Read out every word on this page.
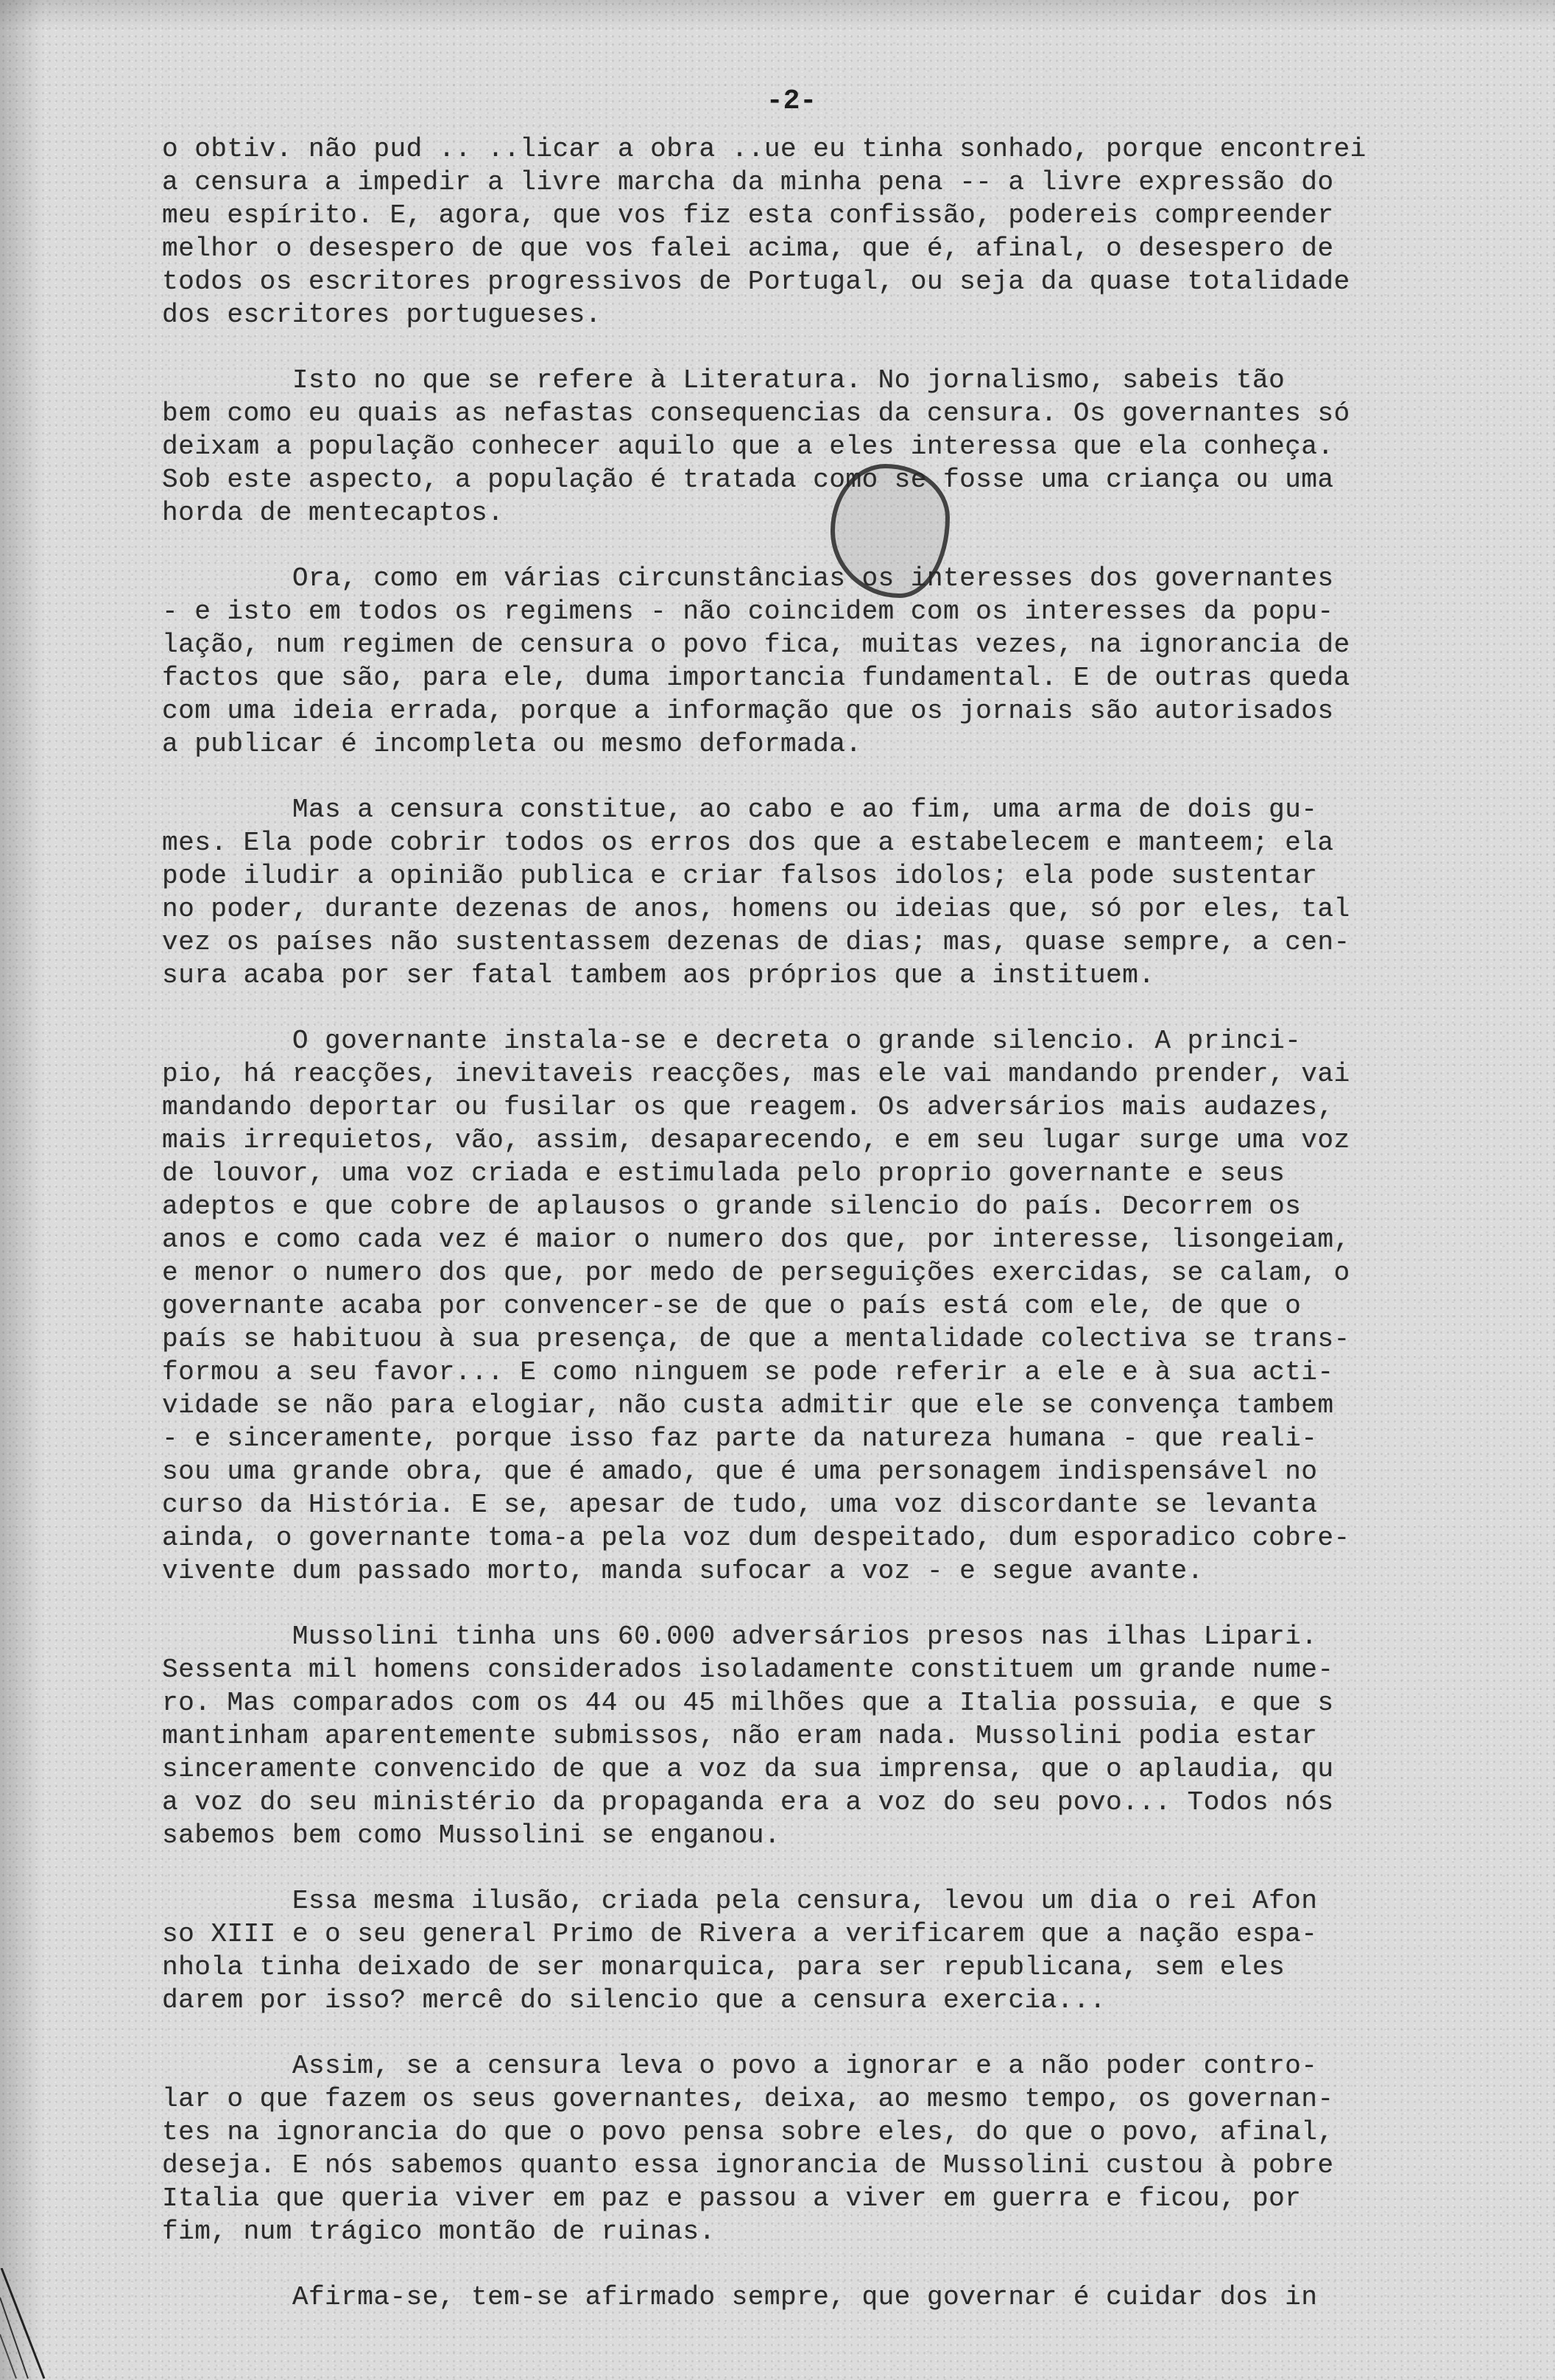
-2-
o obtiv. não pud .. ..licar a obra ..ue eu tinha sonhado, porque encontrei
a censura a impedir a livre marcha da minha pena -- a livre expressão do
meu espírito. E, agora, que vos fiz esta confissão, podereis compreender
melhor o desespero de que vos falei acima, que é, afinal, o desespero de
todos os escritores progressivos de Portugal, ou seja da quase totalidade
dos escritores portugueses.
Isto no que se refere à Literatura. No jornalismo, sabeis tão
bem como eu quais as nefastas consequencias da censura. Os governantes só
deixam a população conhecer aquilo que a eles interessa que ela conheça.
Sob este aspecto, a população é tratada como se fosse uma criança ou uma
horda de mentecaptos.
Ora, como em várias circunstâncias os interesses dos governantes
- e isto em todos os regimens - não coincidem com os interesses da popu-
lação, num regimen de censura o povo fica, muitas vezes, na ignorancia de
factos que são, para ele, duma importancia fundamental. E de outras queda
com uma ideia errada, porque a informação que os jornais são autorisados
a publicar é incompleta ou mesmo deformada.
Mas a censura constitue, ao cabo e ao fim, uma arma de dois gu-
mes. Ela pode cobrir todos os erros dos que a estabelecem e manteem; ela
pode iludir a opinião publica e criar falsos idolos; ela pode sustentar
no poder, durante dezenas de anos, homens ou ideias que, só por eles, tal
vez os países não sustentassem dezenas de dias; mas, quase sempre, a cen-
sura acaba por ser fatal tambem aos próprios que a instituem.
O governante instala-se e decreta o grande silencio. A princi-
pio, há reacções, inevitaveis reacções, mas ele vai mandando prender, vai
mandando deportar ou fusilar os que reagem. Os adversários mais audazes,
mais irrequietos, vão, assim, desaparecendo, e em seu lugar surge uma voz
de louvor, uma voz criada e estimulada pelo proprio governante e seus
adeptos e que cobre de aplausos o grande silencio do país. Decorrem os
anos e como cada vez é maior o numero dos que, por interesse, lisongeiam,
e menor o numero dos que, por medo de perseguições exercidas, se calam, o
governante acaba por convencer-se de que o país está com ele, de que o
país se habituou à sua presença, de que a mentalidade colectiva se trans-
formou a seu favor... E como ninguem se pode referir a ele e à sua acti-
vidade se não para elogiar, não custa admitir que ele se convença tambem
- e sinceramente, porque isso faz parte da natureza humana - que reali-
sou uma grande obra, que é amado, que é uma personagem indispensável no
curso da História. E se, apesar de tudo, uma voz discordante se levanta
ainda, o governante toma-a pela voz dum despeitado, dum esporadico cobre-
vivente dum passado morto, manda sufocar a voz - e segue avante.
Mussolini tinha uns 60.000 adversários presos nas ilhas Lipari.
Sessenta mil homens considerados isoladamente constituem um grande nume-
ro. Mas comparados com os 44 ou 45 milhões que a Italia possuia, e que s
mantinham aparentemente submissos, não eram nada. Mussolini podia estar
sinceramente convencido de que a voz da sua imprensa, que o aplaudia, qu
a voz do seu ministério da propaganda era a voz do seu povo... Todos nós
sabemos bem como Mussolini se enganou.
Essa mesma ilusão, criada pela censura, levou um dia o rei Afon
so XIII e o seu general Primo de Rivera a verificarem que a nação espa-
nhola tinha deixado de ser monarquica, para ser republicana, sem eles
darem por isso? mercê do silencio que a censura exercia...
Assim, se a censura leva o povo a ignorar e a não poder contro-
lar o que fazem os seus governantes, deixa, ao mesmo tempo, os governan-
tes na ignorancia do que o povo pensa sobre eles, do que o povo, afinal,
deseja. E nós sabemos quanto essa ignorancia de Mussolini custou à pobre
Italia que queria viver em paz e passou a viver em guerra e ficou, por
fim, num trágico montão de ruinas.
Afirma-se, tem-se afirmado sempre, que governar é cuidar dos in
